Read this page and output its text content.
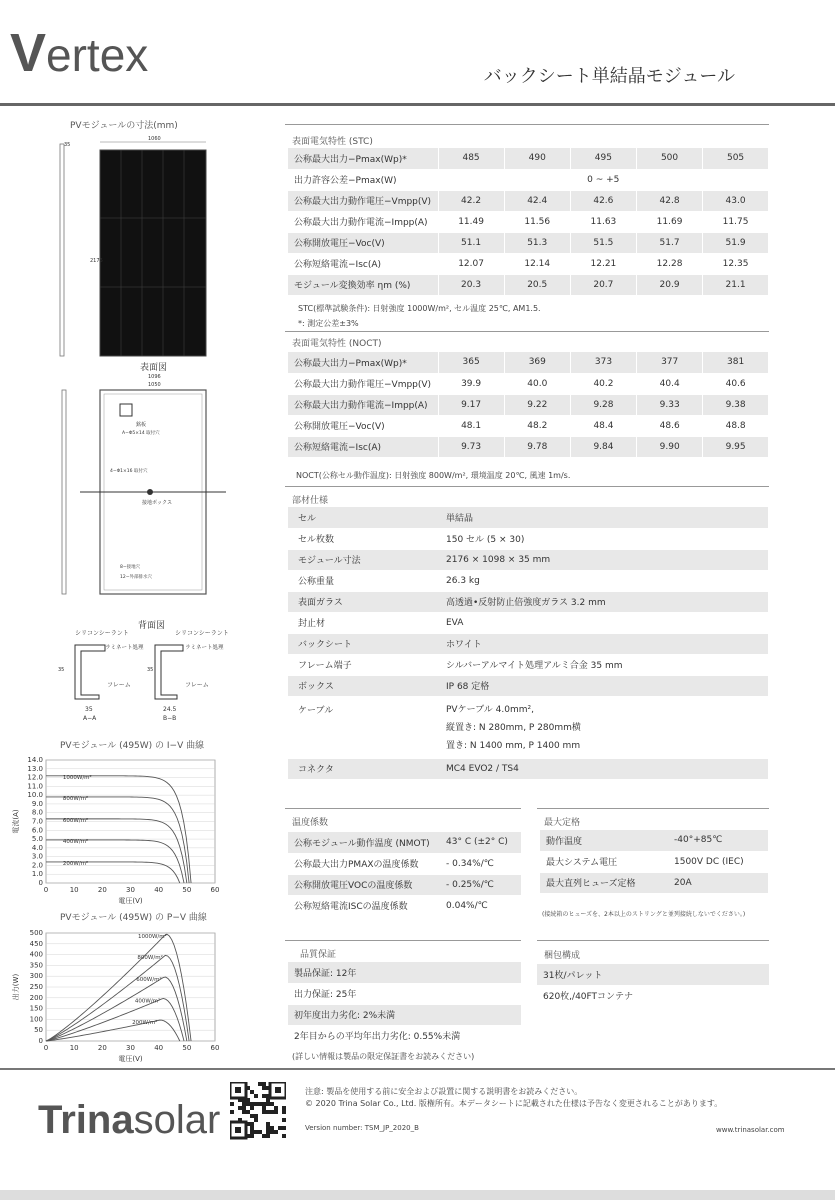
Vertex	バックシート単結晶モジュール
PVモジュールの寸法(mm)
1060
35
2176
表面図
1096
1050
銘板
A−Φ5×14 取付穴
4−Φ1×16 取付穴
接地ボックス
8−接地穴
12−外部排水穴
背面図
シリコンシーラント	シリコンシーラント
ラミネート処理	ラミネート処理
フレーム	フレーム
35	35
35
A−A
24.5
B−B
PVモジュール (495W) の I−V 曲線
0
1.0
2.0
3.0
4.0
5.0
6.0
7.0
8.0
9.0
10.0
11.0
12.0
13.0
14.0
0	10	20	30	40	50	60
電圧(V)
電流(A)
1000W/m²
800W/m²
600W/m²
400W/m²
200W/m²
PVモジュール (495W) の P−V 曲線
0
50
100
150
200
250
300
350
400
450
500
0	10	20	30	40	50	60
電圧(V)
出力(W)
1000W/m²
800W/m²
600W/m²
400W/m²
200W/m²
表面電気特性 (STC)
公称最大出力−Pmax(Wp)*	485	490	495	500	505
出力許容公差−Pmax(W)	0 ~ +5				
公称最大出力動作電圧−Vmpp(V)	42.2	42.4	42.6	42.8	43.0
公称最大出力動作電流−Impp(A)	11.49	11.56	11.63	11.69	11.75
公称開放電圧−Voc(V)	51.1	51.3	51.5	51.7	51.9
公称短絡電流−Isc(A)	12.07	12.14	12.21	12.28	12.35
モジュール変換効率 ηm (%)	20.3	20.5	20.7	20.9	21.1
STC(標準試験条件): 日射強度 1000W/m², セル温度 25℃, AM1.5.
*: 測定公差±3%
表面電気特性 (NOCT)
公称最大出力−Pmax(Wp)*	365	369	373	377	381
公称最大出力動作電圧−Vmpp(V)	39.9	40.0	40.2	40.4	40.6
公称最大出力動作電流−Impp(A)	9.17	9.22	9.28	9.33	9.38
公称開放電圧−Voc(V)	48.1	48.2	48.4	48.6	48.8
公称短絡電流−Isc(A)	9.73	9.78	9.84	9.90	9.95
NOCT(公称セル動作温度): 日射強度 800W/m², 環境温度 20℃, 風速 1m/s.
部材仕様
セル	単結晶
セル枚数	150 セル (5 × 30)
モジュール寸法	2176 × 1098 × 35 mm
公称重量	26.3 kg
表面ガラス	高透過•反射防止倍強度ガラス 3.2 mm
封止材	EVA
バックシート	ホワイト
フレーム端子	シルバーアルマイト処理アルミ合金 35 mm
ボックス	IP 68 定格
ケーブル	PVケーブル 4.0mm²,
縦置き: N 280mm, P 280mm横
置き: N 1400 mm, P 1400 mm

コネクタ	MC4 EVO2 / TS4
温度係数
公称モジュール動作温度 (NMOT)	43° C (±2° C)
公称最大出力PMAXの温度係数	- 0.34%/℃
公称開放電圧VOCの温度係数	- 0.25%/℃
公称短絡電流ISCの温度係数	0.04%/℃
最大定格
動作温度	-40°+85℃
最大システム電圧	1500V DC (IEC)
最大直列ヒューズ定格	20A
(接続箱のヒューズを、2本以上のストリングと並列接続しないでください。)
品質保証
製品保証: 12年
出力保証: 25年
初年度出力劣化: 2%未満
2年目からの平均年出力劣化: 0.55%未満
(詳しい情報は製品の限定保証書をお読みください)
梱包構成
31枚/パレット
620枚,/40FTコンテナ
Trinasolar
注意: 製品を使用する前に安全および設置に関する説明書をお読みください。
© 2020 Trina Solar Co., Ltd. 版権所有。本データシートに記載された仕様は予告なく変更されることがあります。
Version number: TSM_JP_2020_B	www.trinasolar.com
